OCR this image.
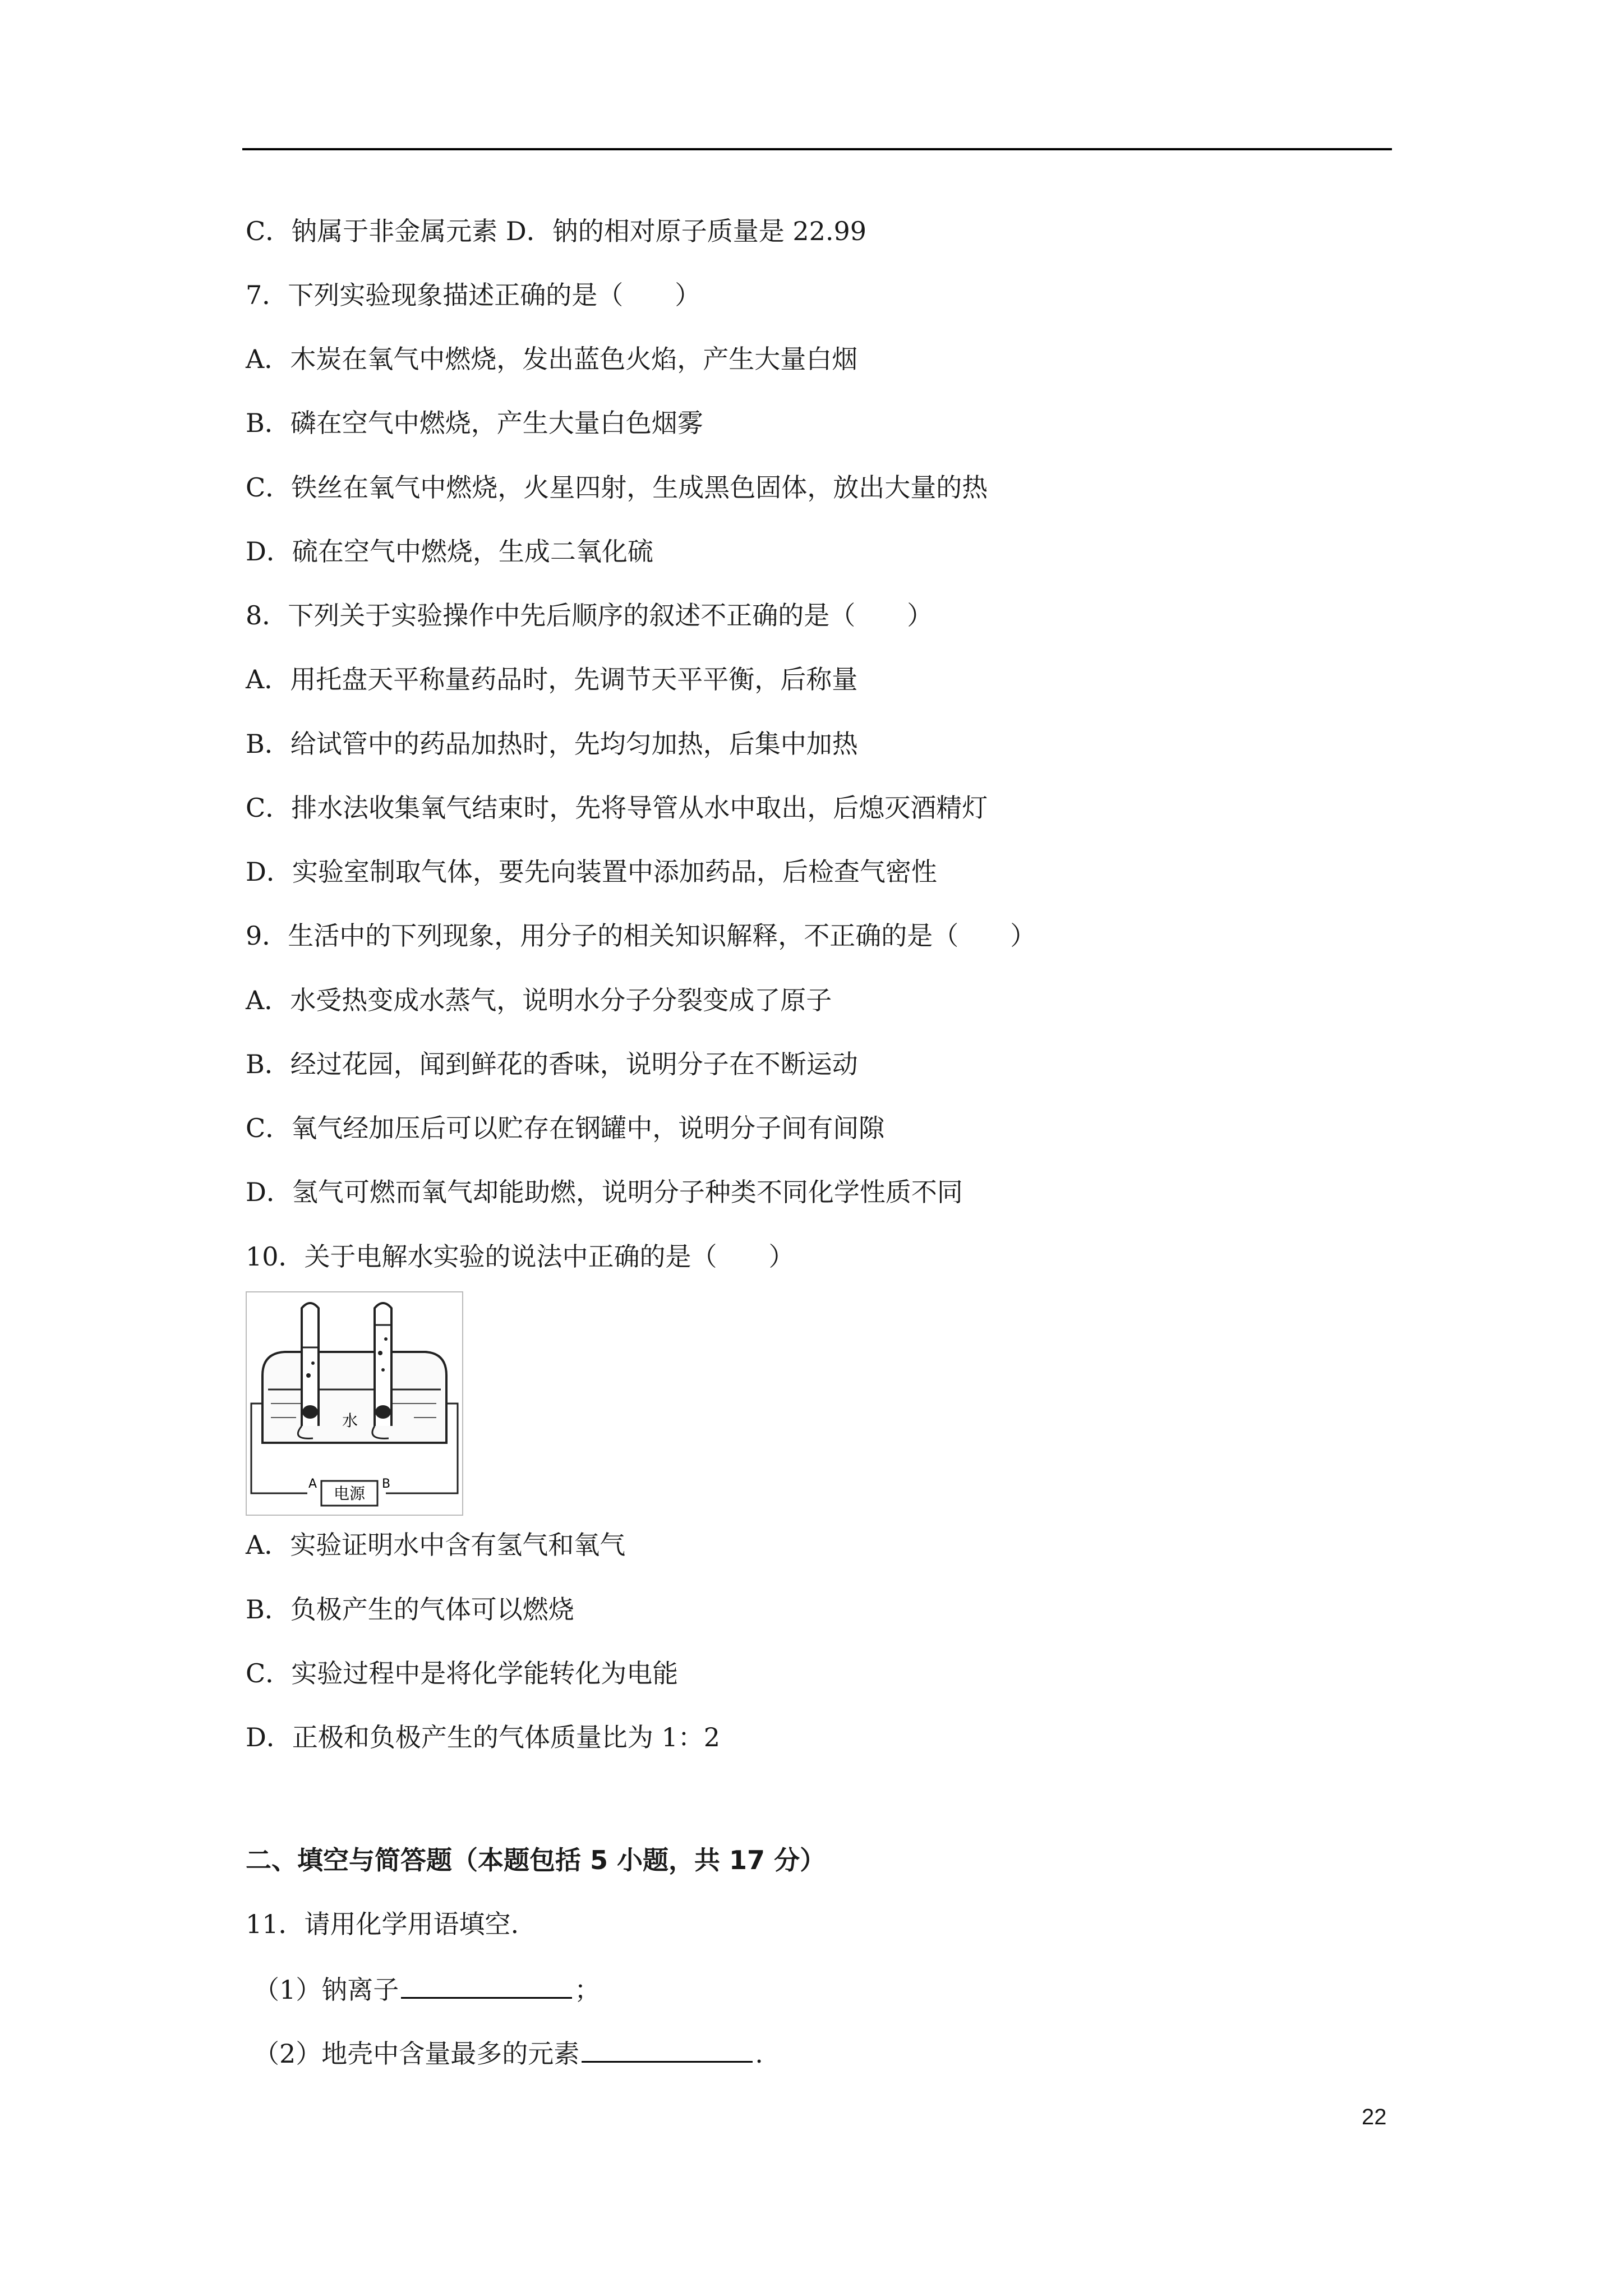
C．钠属于非金属元素 D．钠的相对原子质量是 22.99
7．下列实验现象描述正确的是（　　）
A．木炭在氧气中燃烧，发出蓝色火焰，产生大量白烟
B．磷在空气中燃烧，产生大量白色烟雾
C．铁丝在氧气中燃烧，火星四射，生成黑色固体，放出大量的热
D．硫在空气中燃烧，生成二氧化硫
8．下列关于实验操作中先后顺序的叙述不正确的是（　　）
A．用托盘天平称量药品时，先调节天平平衡，后称量
B．给试管中的药品加热时，先均匀加热，后集中加热
C．排水法收集氧气结束时，先将导管从水中取出，后熄灭酒精灯
D．实验室制取气体，要先向装置中添加药品，后检查气密性
9．生活中的下列现象，用分子的相关知识解释，不正确的是（　　）
A．水受热变成水蒸气，说明水分子分裂变成了原子
B．经过花园，闻到鲜花的香味，说明分子在不断运动
C．氧气经加压后可以贮存在钢罐中，说明分子间有间隙
D．氢气可燃而氧气却能助燃，说明分子种类不同化学性质不同
10．关于电解水实验的说法中正确的是（　　）
电源
A	B
水
A．实验证明水中含有氢气和氧气
B．负极产生的气体可以燃烧
C．实验过程中是将化学能转化为电能
D．正极和负极产生的气体质量比为 1：2
二、填空与简答题（本题包括 5 小题，共 17 分）
11．请用化学用语填空.
（1）钠离子	；
（2）地壳中含量最多的元素	.
22
